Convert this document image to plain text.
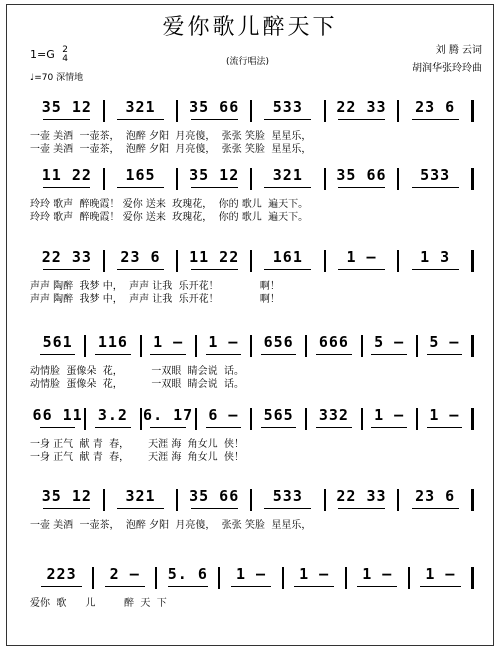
爱你歌儿醉天下
1=G 2
4
♩=70 深情地
(流行唱法)
刘 腾 云词
胡润华张玲玲曲
35 12	321	35 66	533	22 33	23 6
一壶 美酒  一壶茶，  泡醉 夕阳  月亮傻，  张张 笑脸  星星乐，
一壶 美酒  一壶茶，  泡醉 夕阳  月亮傻，  张张 笑脸  星星乐，
11 22	165	35 12	321	35 66	533
玲玲 歌声  醉晚霞！ 爱你 送来  玫瑰花，  你的 歌儿  遍天下。
玲玲 歌声  醉晚霞！ 爱你 送来  玫瑰花，  你的 歌儿  遍天下。
22 33	23 6	11 22	161	1 –	1 3
声声 陶醉  我梦 中，  声声 让我  乐开花！             啊！
声声 陶醉  我梦 中，  声声 让我  乐开花！             啊！
561	116	1 –	1 –	656	666	5 –	5 –
动情脸  蛋像朵  花，         一双眼  睛会说  话。
动情脸  蛋像朵  花，         一双眼  睛会说  话。
66 11	3.2	6. 17	6 –	565	332	1 –	1 –
一身 正气  献 青  春，      天涯 海  角女儿  侠！
一身 正气  献 青  春，      天涯 海  角女儿  侠！
35 12	321	35 66	533	22 33	23 6
一壶 美酒  一壶茶，  泡醉 夕阳  月亮傻，  张张 笑脸  星星乐，
223	2 –	5. 6	1 –	1 –	1 –	1 –
爱你  歌      儿         醉  天  下
